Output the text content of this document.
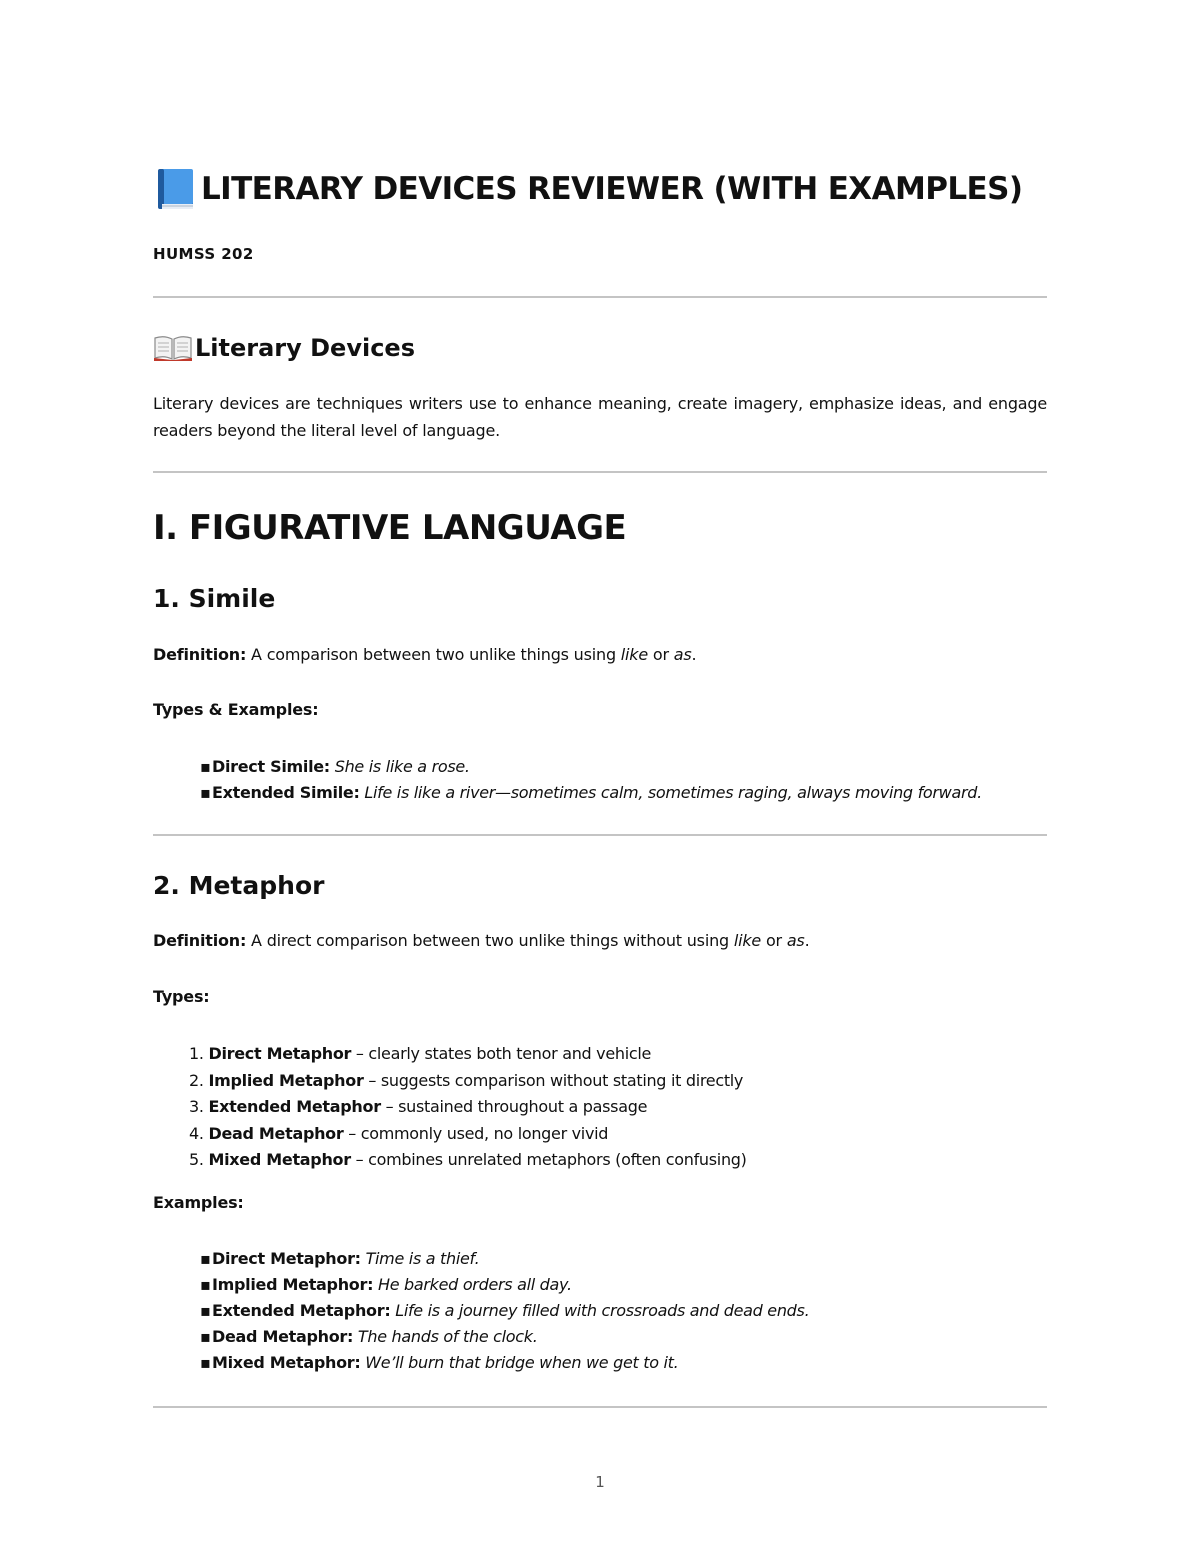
LITERARY DEVICES REVIEWER (WITH EXAMPLES)
HUMSS 202
Literary Devices
Literary devices are techniques writers use to enhance meaning, create imagery, emphasize ideas, and engage readers beyond the literal level of language.
I. FIGURATIVE LANGUAGE
1. Simile
Definition: A comparison between two unlike things using like or as.
Types & Examples:
▪Direct Simile: She is like a rose.
▪Extended Simile: Life is like a river—sometimes calm, sometimes raging, always moving forward.
2. Metaphor
Definition: A direct comparison between two unlike things without using like or as.
Types:
1. Direct Metaphor – clearly states both tenor and vehicle
2. Implied Metaphor – suggests comparison without stating it directly
3. Extended Metaphor – sustained throughout a passage
4. Dead Metaphor – commonly used, no longer vivid
5. Mixed Metaphor – combines unrelated metaphors (often confusing)
Examples:
▪Direct Metaphor: Time is a thief.
▪Implied Metaphor: He barked orders all day.
▪Extended Metaphor: Life is a journey filled with crossroads and dead ends.
▪Dead Metaphor: The hands of the clock.
▪Mixed Metaphor: We’ll burn that bridge when we get to it.
1
